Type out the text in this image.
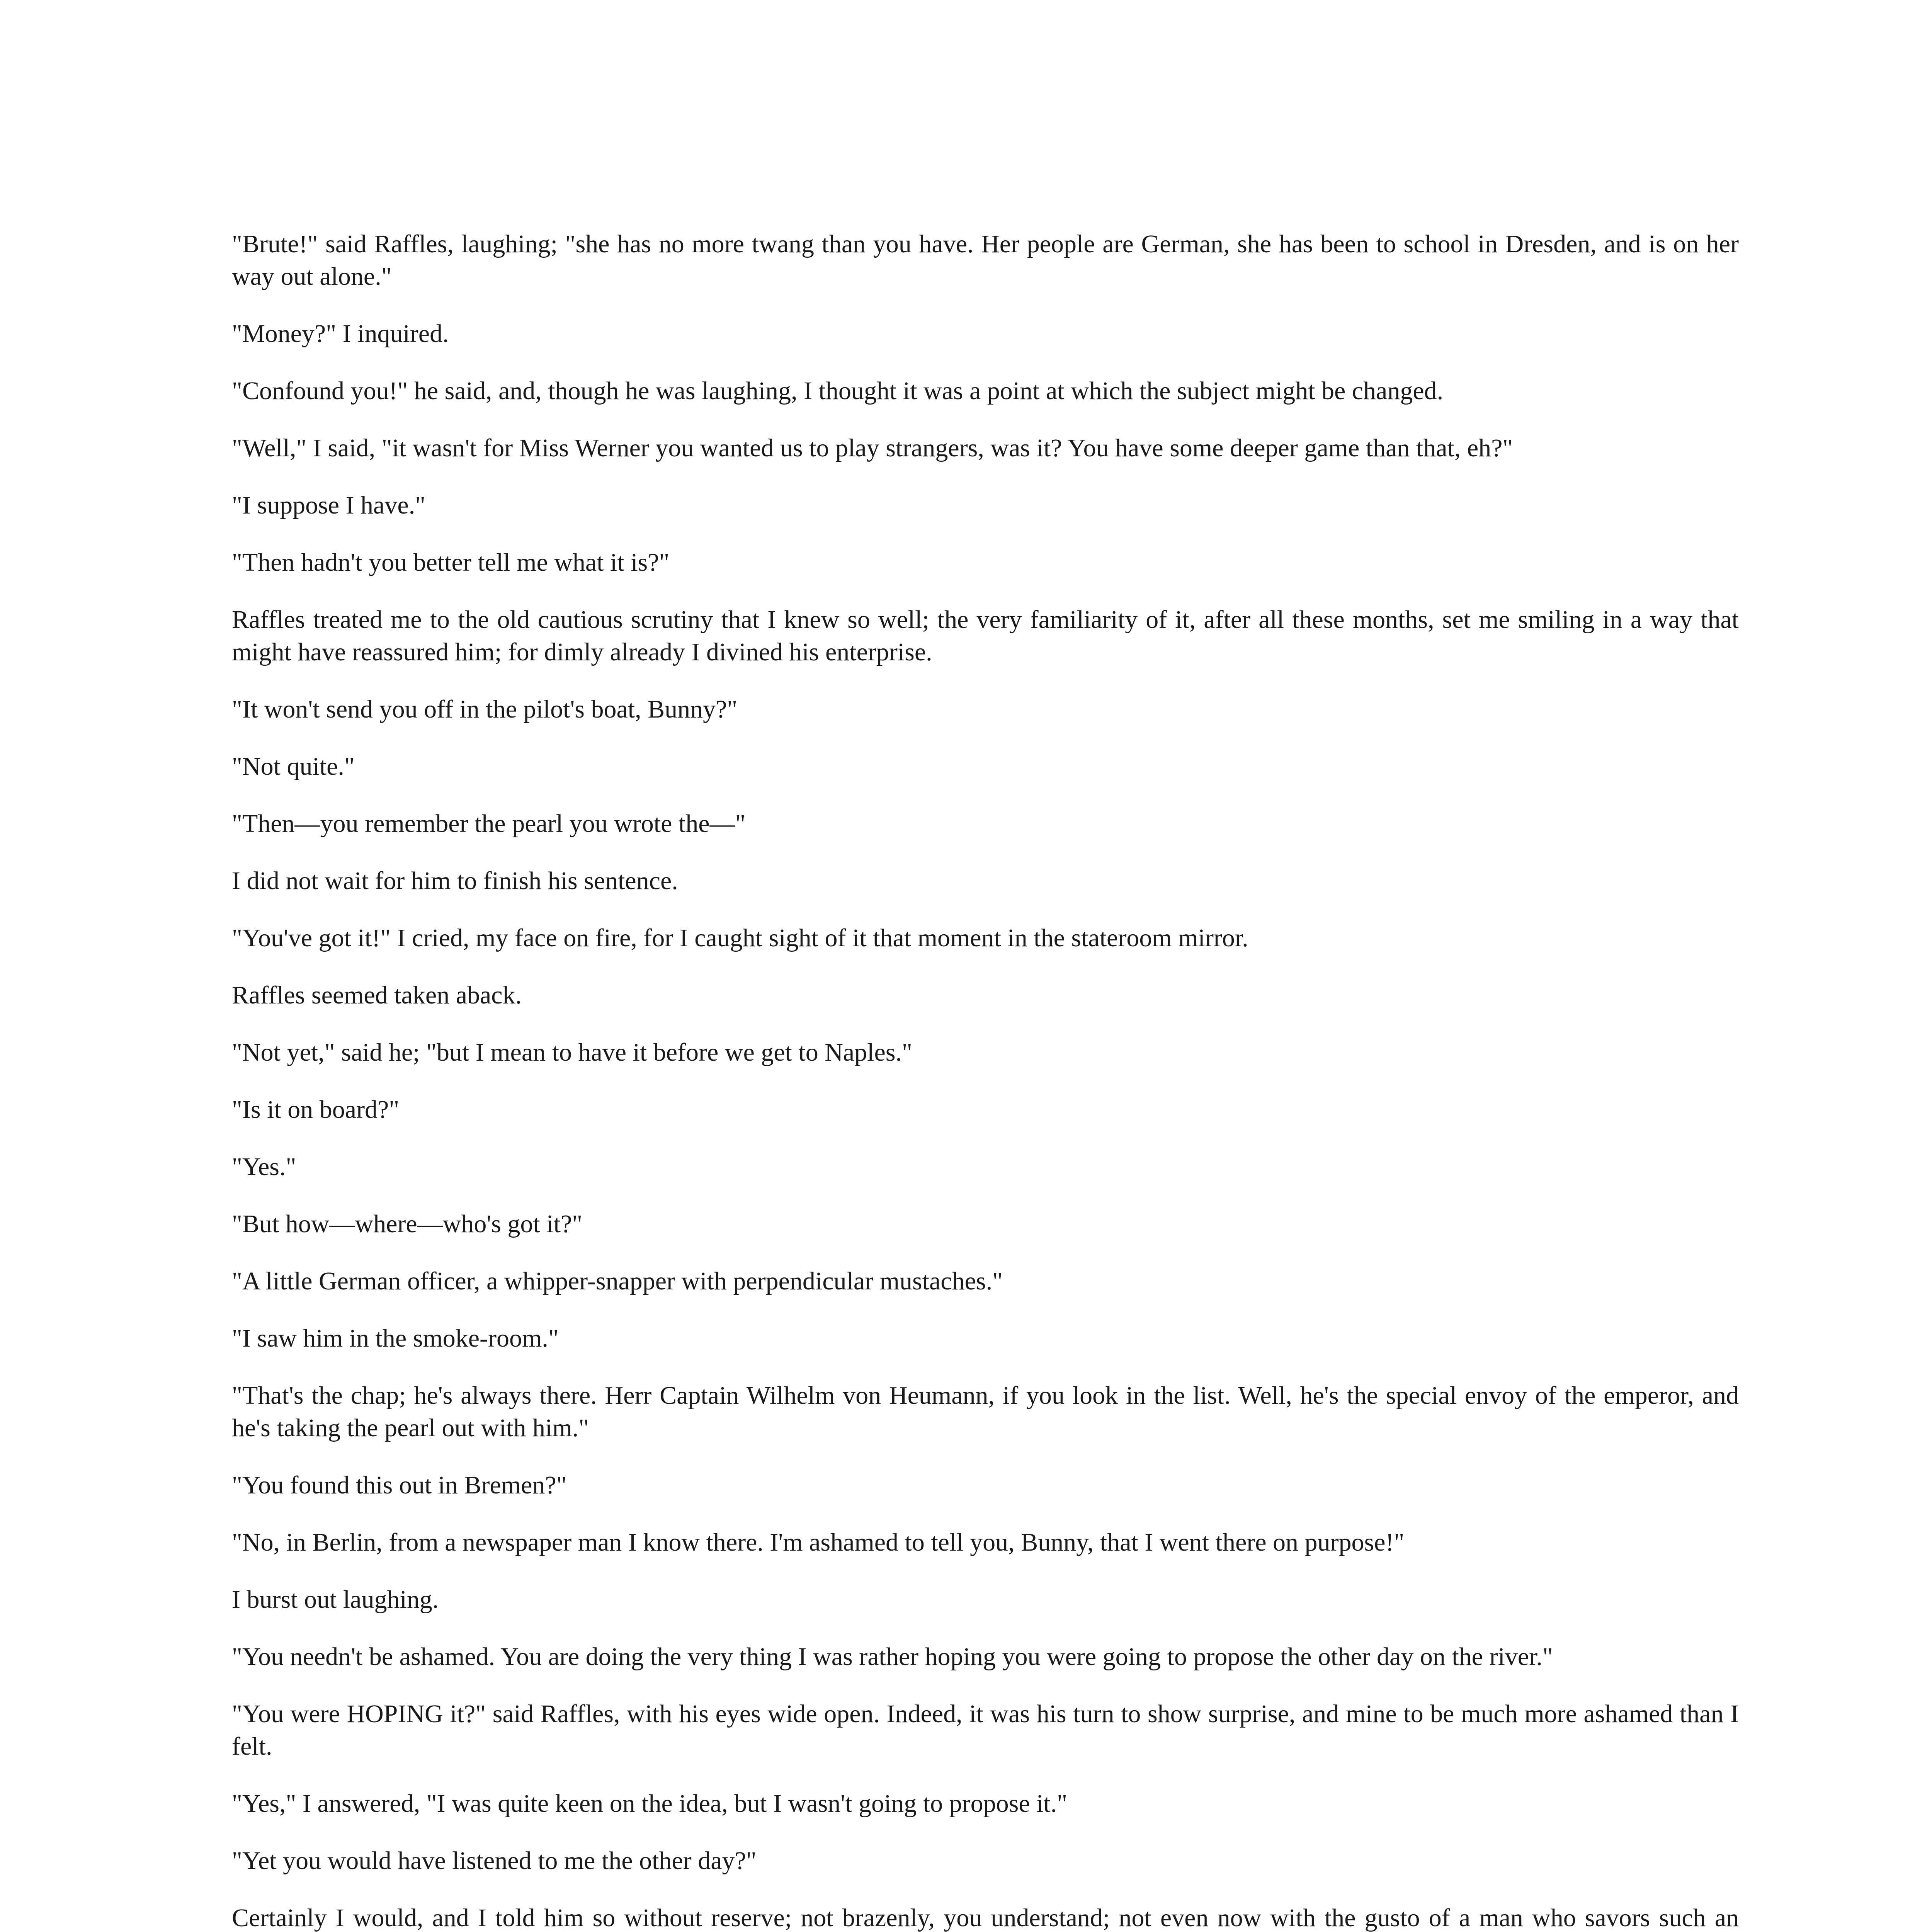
"Brute!" said Raffles, laughing; "she has no more twang than you have. Her people are German, she has been to school in Dresden, and is on her way out alone."

"Money?" I inquired.

"Confound you!" he said, and, though he was laughing, I thought it was a point at which the subject might be changed.

"Well," I said, "it wasn't for Miss Werner you wanted us to play strangers, was it? You have some deeper game than that, eh?"

"I suppose I have."

"Then hadn't you better tell me what it is?"

Raffles treated me to the old cautious scrutiny that I knew so well; the very familiarity of it, after all these months, set me smiling in a way that might have reassured him; for dimly already I divined his enterprise.

"It won't send you off in the pilot's boat, Bunny?"

"Not quite."

"Then—you remember the pearl you wrote the—"

I did not wait for him to finish his sentence.

"You've got it!" I cried, my face on fire, for I caught sight of it that moment in the stateroom mirror.

Raffles seemed taken aback.

"Not yet," said he; "but I mean to have it before we get to Naples."

"Is it on board?"

"Yes."

"But how—where—who's got it?"

"A little German officer, a whipper-snapper with perpendicular mustaches."

"I saw him in the smoke-room."

"That's the chap; he's always there. Herr Captain Wilhelm von Heumann, if you look in the list. Well, he's the special envoy of the emperor, and he's taking the pearl out with him."

"You found this out in Bremen?"

"No, in Berlin, from a newspaper man I know there. I'm ashamed to tell you, Bunny, that I went there on purpose!"

I burst out laughing.

"You needn't be ashamed. You are doing the very thing I was rather hoping you were going to propose the other day on the river."

"You were HOPING it?" said Raffles, with his eyes wide open. Indeed, it was his turn to show surprise, and mine to be much more ashamed than I felt.

"Yes," I answered, "I was quite keen on the idea, but I wasn't going to propose it."

"Yet you would have listened to me the other day?"

Certainly I would, and I told him so without reserve; not brazenly, you understand; not even now with the gusto of a man who savors such an
